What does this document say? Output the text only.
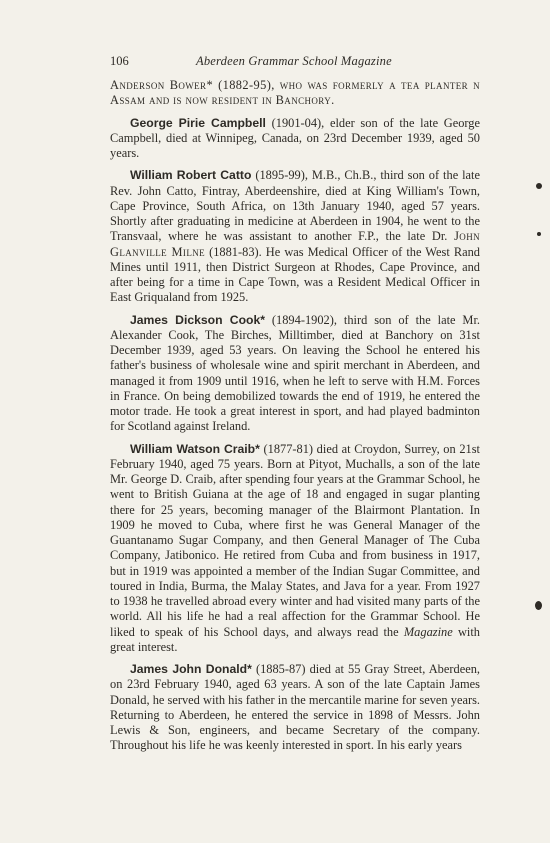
106	Aberdeen Grammar School Magazine

Anderson Bower* (1882-95), who was formerly a tea planter n Assam and is now resident in Banchory.

George Pirie Campbell (1901-04), elder son of the late George Campbell, died at Winnipeg, Canada, on 23rd December 1939, aged 50 years.

William Robert Catto (1895-99), M.B., Ch.B., third son of the late Rev. John Catto, Fintray, Aberdeenshire, died at King William's Town, Cape Province, South Africa, on 13th January 1940, aged 57 years. Shortly after graduating in medicine at Aberdeen in 1904, he went to the Transvaal, where he was assistant to another F.P., the late Dr. John Glanville Milne (1881-83). He was Medical Officer of the West Rand Mines until 1911, then District Surgeon at Rhodes, Cape Province, and after being for a time in Cape Town, was a Resident Medical Officer in East Griqualand from 1925.

James Dickson Cook* (1894-1902), third son of the late Mr. Alexander Cook, The Birches, Milltimber, died at Banchory on 31st December 1939, aged 53 years. On leaving the School he entered his father's business of wholesale wine and spirit merchant in Aberdeen, and managed it from 1909 until 1916, when he left to serve with H.M. Forces in France. On being demobilized towards the end of 1919, he entered the motor trade. He took a great interest in sport, and had played badminton for Scotland against Ireland.

William Watson Craib* (1877-81) died at Croydon, Surrey, on 21st February 1940, aged 75 years. Born at Pityot, Muchalls, a son of the late Mr. George D. Craib, after spending four years at the Grammar School, he went to British Guiana at the age of 18 and engaged in sugar planting there for 25 years, becoming manager of the Blairmont Plantation. In 1909 he moved to Cuba, where first he was General Manager of the Guantanamo Sugar Company, and then General Manager of The Cuba Company, Jatibonico. He retired from Cuba and from business in 1917, but in 1919 was appointed a member of the Indian Sugar Committee, and toured in India, Burma, the Malay States, and Java for a year. From 1927 to 1938 he travelled abroad every winter and had visited many parts of the world. All his life he had a real affection for the Grammar School. He liked to speak of his School days, and always read the Magazine with great interest.

James John Donald* (1885-87) died at 55 Gray Street, Aberdeen, on 23rd February 1940, aged 63 years. A son of the late Captain James Donald, he served with his father in the mercantile marine for seven years. Returning to Aberdeen, he entered the service in 1898 of Messrs. John Lewis & Son, engineers, and became Secretary of the company. Throughout his life he was keenly interested in sport. In his early years
